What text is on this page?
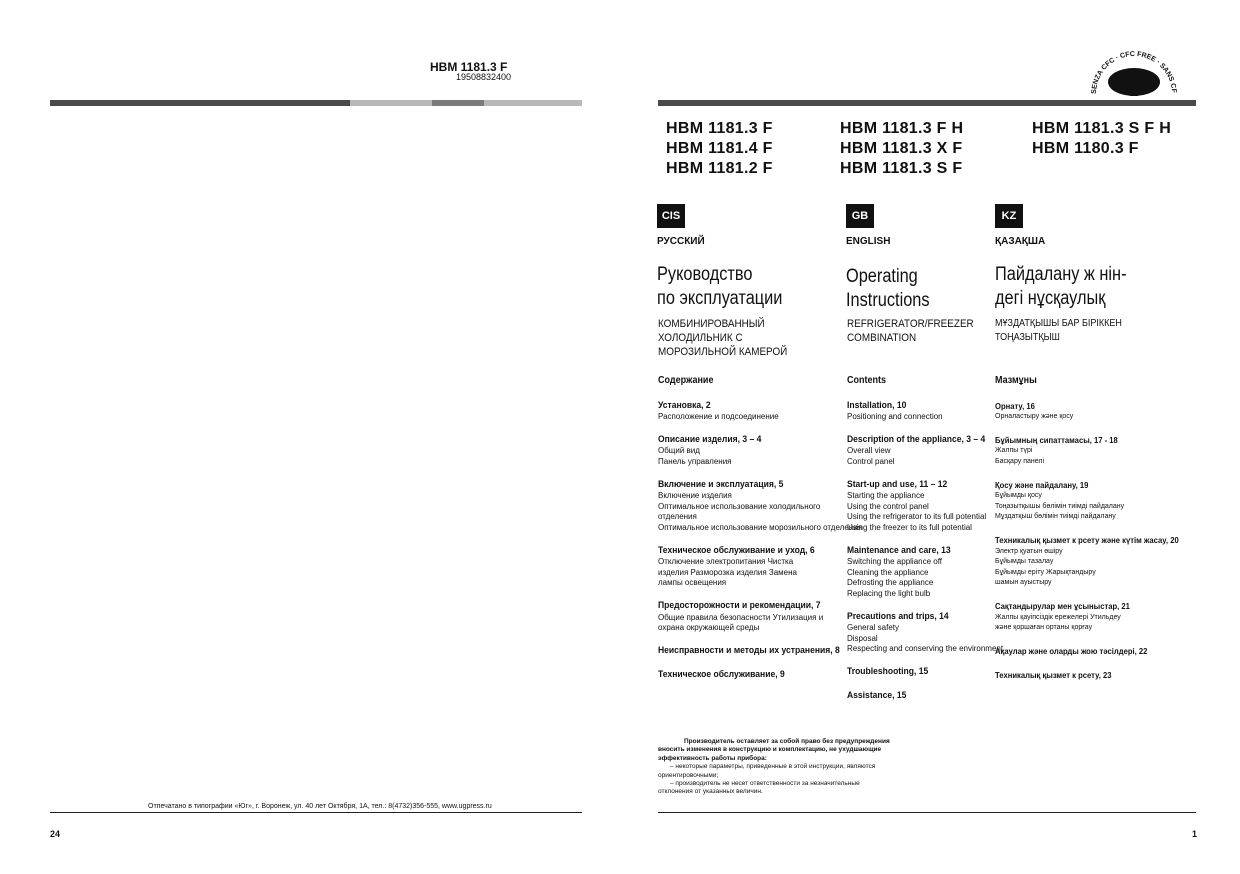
HBM 1181.3 F
19508832400
Отпечатано в типографии «Юг», г. Воронеж, ул. 40 лет Октября, 1А, тел.: 8(4732)356-555, www.ugpress.ru
24
SENZA CFC · CFC FREE · SANS CF
HBM 1181.3 F
HBM 1181.4 F
HBM 1181.2 F
HBM 1181.3 F H
HBM 1181.3 X F
HBM 1181.3 S F
HBM 1181.3 S F H
HBM 1180.3 F
CIS	GB	KZ
РУССКИЙ	ENGLISH	ҚАЗАҚША
Руководство
по эксплуатации
Operating
Instructions
Пайдалану ж нін-
дегі нұсқаулық
КОМБИНИРОВАННЫЙ
ХОЛОДИЛЬНИК С
МОРОЗИЛЬНОЙ КАМЕРОЙ
REFRIGERATOR/FREEZER
COMBINATION
МҰЗДАТҚЫШЫ БАР БІРІККЕН
ТОҢАЗЫТҚЫШ
Содержание
Установка, 2
Расположение и подсоединение
Описание изделия, 3 – 4
Общий вид
Панель управления
Включение и эксплуатация, 5
Включение изделия
Оптимальное использование холодильного
отделения
Оптимальное использование морозильного отделения
Техническое обслуживание и уход, 6
Отключение электропитания Чистка
изделия Разморозка изделия Замена
лампы освещения
Предосторожности и рекомендации, 7
Общие правила безопасности Утилизация и
охрана окружающей среды
Неисправности и методы их устранения, 8
Техническое обслуживание, 9
Contents
Installation, 10
Positioning and connection
Description of the appliance, 3 – 4
Overall view
Control panel
Start-up and use, 11 – 12
Starting the appliance
Using the control panel
Using the refrigerator to its full potential
Using the freezer to its full potential
Maintenance and care, 13
Switching the appliance off
Cleaning the appliance
Defrosting the appliance
Replacing the light bulb
Precautions and trips, 14
General safety
Disposal
Respecting and conserving the environment
Troubleshooting, 15
Assistance, 15
Мазмұны
Орнату, 16
Орналастыру және қосу
Бұйымның сипаттамасы, 17 - 18
Жалпы түрі
Басқару панелі
Қосу және пайдалану, 19
Бұйымды қосу
Тоңазытқышы бөлімін тиімді пайдалану
Мұздатқыш бөлімін тиімді пайдалану
Техникалық қызмет к рсету және күтім жасау, 20
Электр қуатын өшіру
Бұйымды тазалау
Бұйымды еріту Жарықтандыру
шамын ауыстыру
Сақтандырулар мен ұсыныстар, 21
Жалпы қауіпсіздік ережелері Утильдеу
және қоршаған ортаны қорғау
Ақаулар және оларды жою тәсілдері, 22
Техникалық қызмет к рсету, 23
Производитель оставляет за собой право без предупреждения
вносить изменения в конструкцию и комплектацию, не ухудшающие
эффективность работы прибора:
– некоторые параметры, приведенные в этой инструкции, являются
ориентировочными;
– производитель не несет ответственности за незначительные
отклонения от указанных величин.
1
